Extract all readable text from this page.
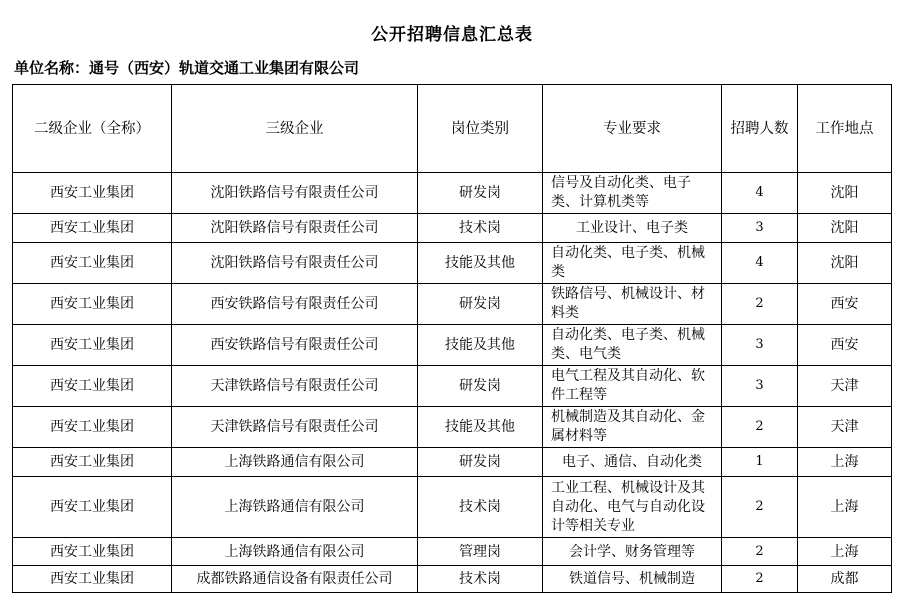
公开招聘信息汇总表
单位名称：通号（西安）轨道交通工业集团有限公司
二级企业（全称）	三级企业	岗位类别	专业要求	招聘人数	工作地点
西安工业集团	沈阳铁路信号有限责任公司	研发岗	信号及自动化类、电子类、计算机类等	4	沈阳
西安工业集团	沈阳铁路信号有限责任公司	技术岗	工业设计、电子类	3	沈阳
西安工业集团	沈阳铁路信号有限责任公司	技能及其他	自动化类、电子类、机械类	4	沈阳
西安工业集团	西安铁路信号有限责任公司	研发岗	铁路信号、机械设计、材料类	2	西安
西安工业集团	西安铁路信号有限责任公司	技能及其他	自动化类、电子类、机械类、电气类	3	西安
西安工业集团	天津铁路信号有限责任公司	研发岗	电气工程及其自动化、软件工程等	3	天津
西安工业集团	天津铁路信号有限责任公司	技能及其他	机械制造及其自动化、金属材料等	2	天津
西安工业集团	上海铁路通信有限公司	研发岗	电子、通信、自动化类	1	上海
西安工业集团	上海铁路通信有限公司	技术岗	工业工程、机械设计及其自动化、电气与自动化设计等相关专业	2	上海
西安工业集团	上海铁路通信有限公司	管理岗	会计学、财务管理等	2	上海
西安工业集团	成都铁路通信设备有限责任公司	技术岗	铁道信号、机械制造	2	成都
